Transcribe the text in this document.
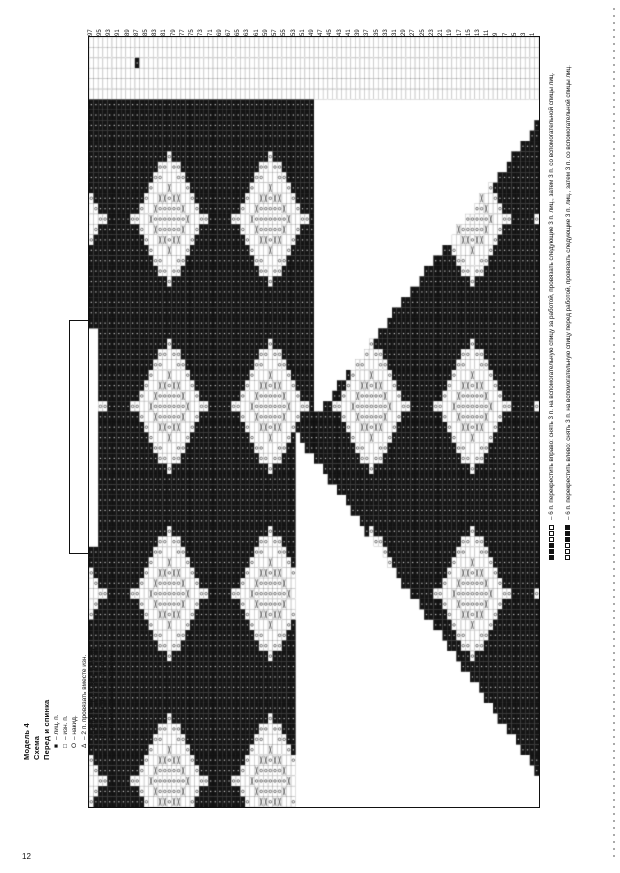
Модель 4 Схема Перед и спинка
97 95 93 91 89 87 85 83 81 79 77 75 73 71 69 67 65 63 61 59 57 55 53 51 49 47 45 43 41 39 37 35 33 31 29 27 25 23 21 19 17 15 13 11 9 7 5 3 1
■– лиц. п.
□– изн. п.
O– накид.
Δ– 2 п. провязать вместе изн.
×– снятая п.: 1 п. снять, нить за работой, в чётных р. вязать изн. В чётных р. вязать по рисунку.
– 6 п. перекрестить вправо: снять 3 п. на вспомогательную спицу за работой, провязать следующие 3 п. лиц., затем 3 п. со вспомогательной спицы лиц.	– 6 п. перекрестить влево: снять 3 п. на вспомогательную спицу перед работой, провязать следующие 3 п. лиц., затем 3 п. со вспомогательной спицы лиц.
12
